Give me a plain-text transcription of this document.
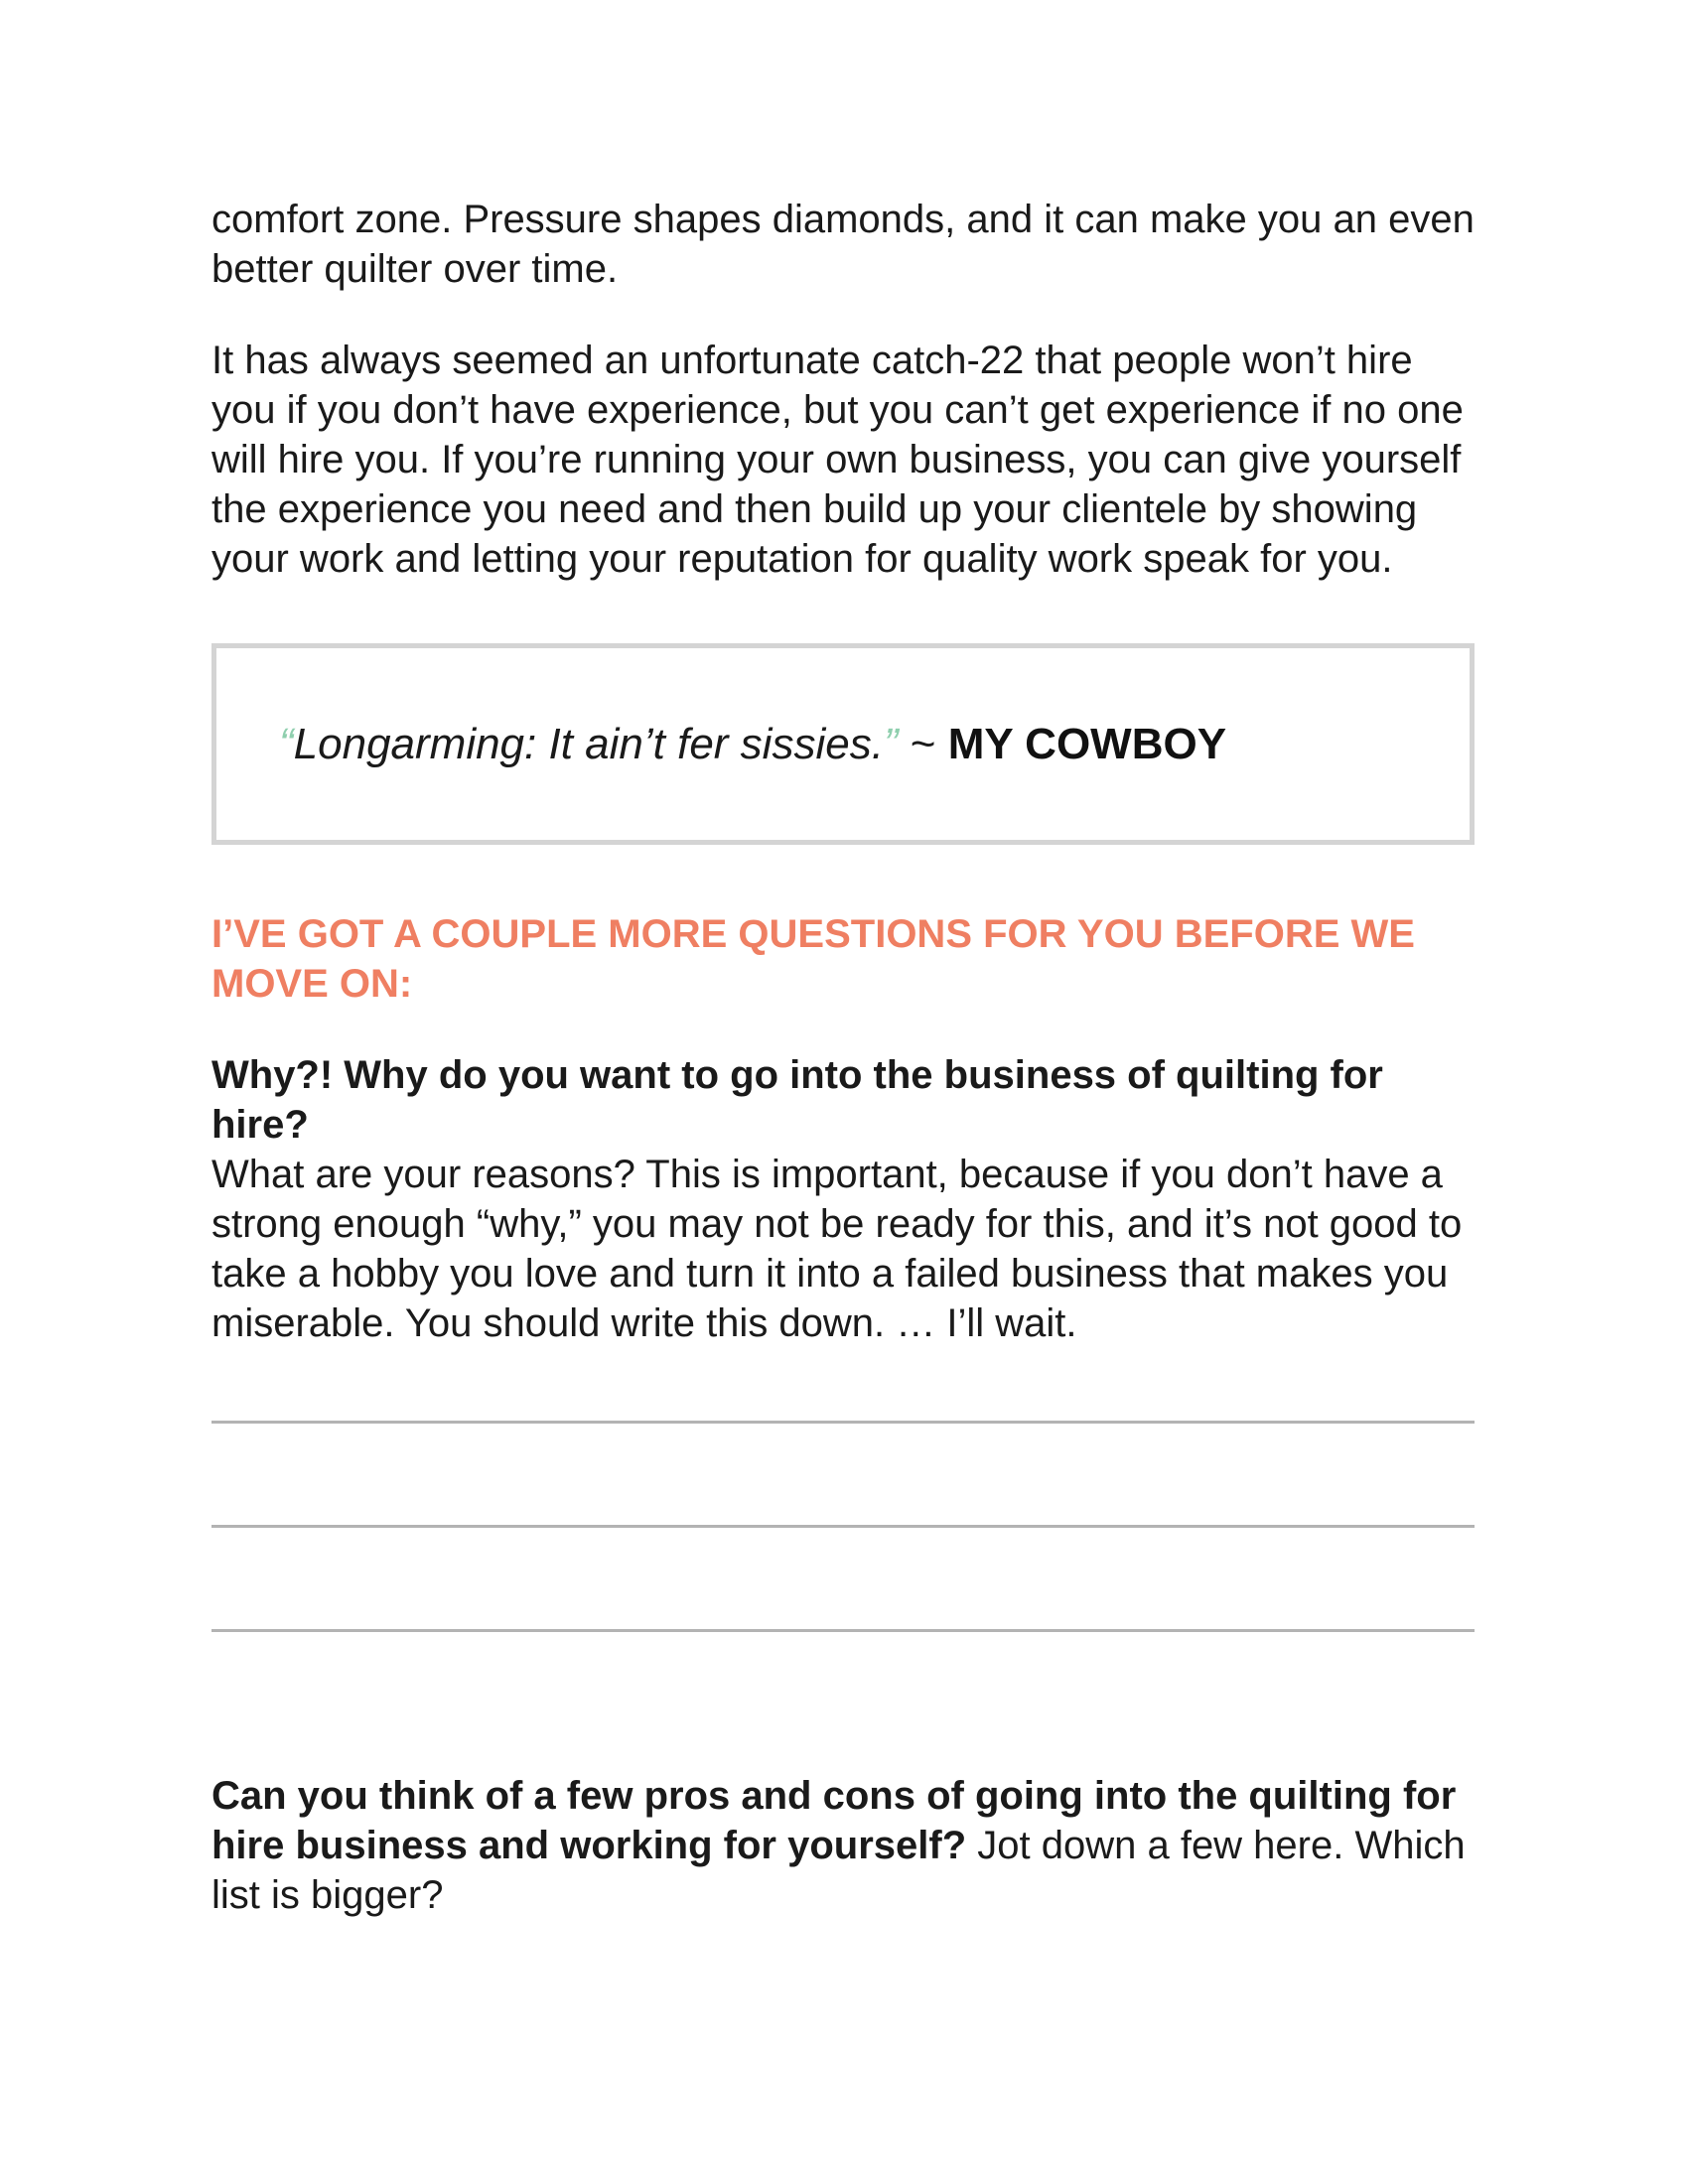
comfort zone. Pressure shapes diamonds, and it can make you an even better quilter over time.

It has always seemed an unfortunate catch-22 that people won’t hire you if you don’t have experience, but you can’t get experience if no one will hire you. If you’re running your own business, you can give yourself the experience you need and then build up your clientele by showing your work and letting your reputation for quality work speak for you.

“Longarming: It ain’t fer sissies.” ~ MY COWBOY
I’VE GOT A COUPLE MORE QUESTIONS FOR YOU BEFORE WE MOVE ON:
Why?! Why do you want to go into the business of quilting for hire?

What are your reasons? This is important, because if you don’t have a strong enough “why,” you may not be ready for this, and it’s not good to take a hobby you love and turn it into a failed business that makes you miserable. You should write this down. … I’ll wait.

Can you think of a few pros and cons of going into the quilting for hire business and working for yourself? Jot down a few here. Which list is bigger?
